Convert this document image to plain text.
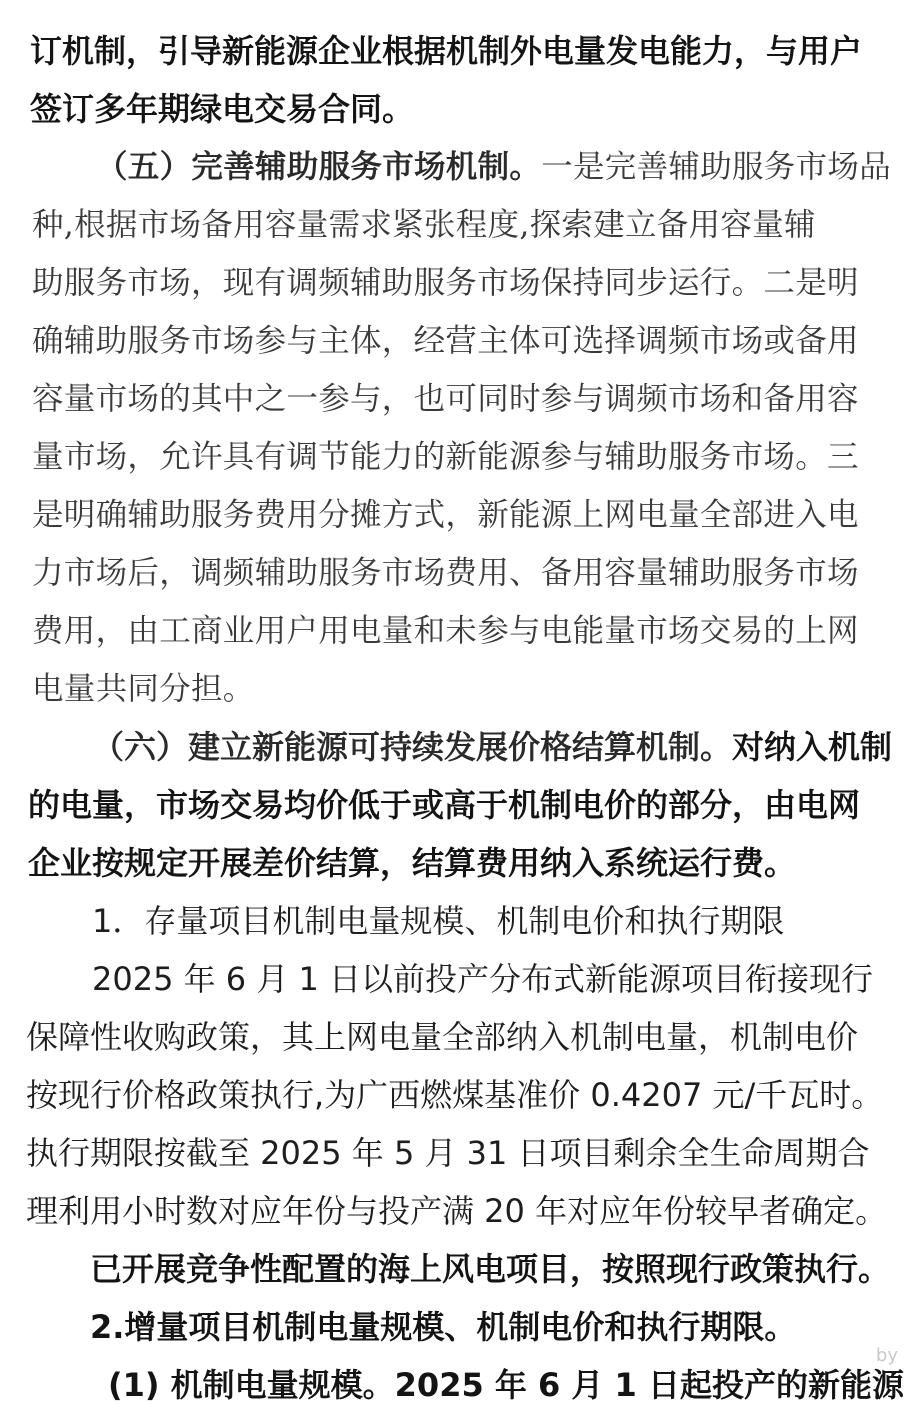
订机制，引导新能源企业根据机制外电量发电能力，与用户
签订多年期绿电交易合同。
（五）完善辅助服务市场机制。一是完善辅助服务市场品
种,根据市场备用容量需求紧张程度,探索建立备用容量辅
助服务市场，现有调频辅助服务市场保持同步运行。二是明
确辅助服务市场参与主体，经营主体可选择调频市场或备用
容量市场的其中之一参与，也可同时参与调频市场和备用容
量市场，允许具有调节能力的新能源参与辅助服务市场。三
是明确辅助服务费用分摊方式，新能源上网电量全部进入电
力市场后，调频辅助服务市场费用、备用容量辅助服务市场
费用，由工商业用户用电量和未参与电能量市场交易的上网
电量共同分担。
（六）建立新能源可持续发展价格结算机制。对纳入机制
的电量，市场交易均价低于或高于机制电价的部分，由电网
企业按规定开展差价结算，结算费用纳入系统运行费。
1．存量项目机制电量规模、机制电价和执行期限
2025 年 6 月 1 日以前投产分布式新能源项目衔接现行
保障性收购政策，其上网电量全部纳入机制电量，机制电价
按现行价格政策执行,为广西燃煤基准价 0.4207 元/千瓦时。
执行期限按截至 2025 年 5 月 31 日项目剩余全生命周期合
理利用小时数对应年份与投产满 20 年对应年份较早者确定。
已开展竞争性配置的海上风电项目，按照现行政策执行。
2.增量项目机制电量规模、机制电价和执行期限。
(1) 机制电量规模。2025 年 6 月 1 日起投产的新能源
by
